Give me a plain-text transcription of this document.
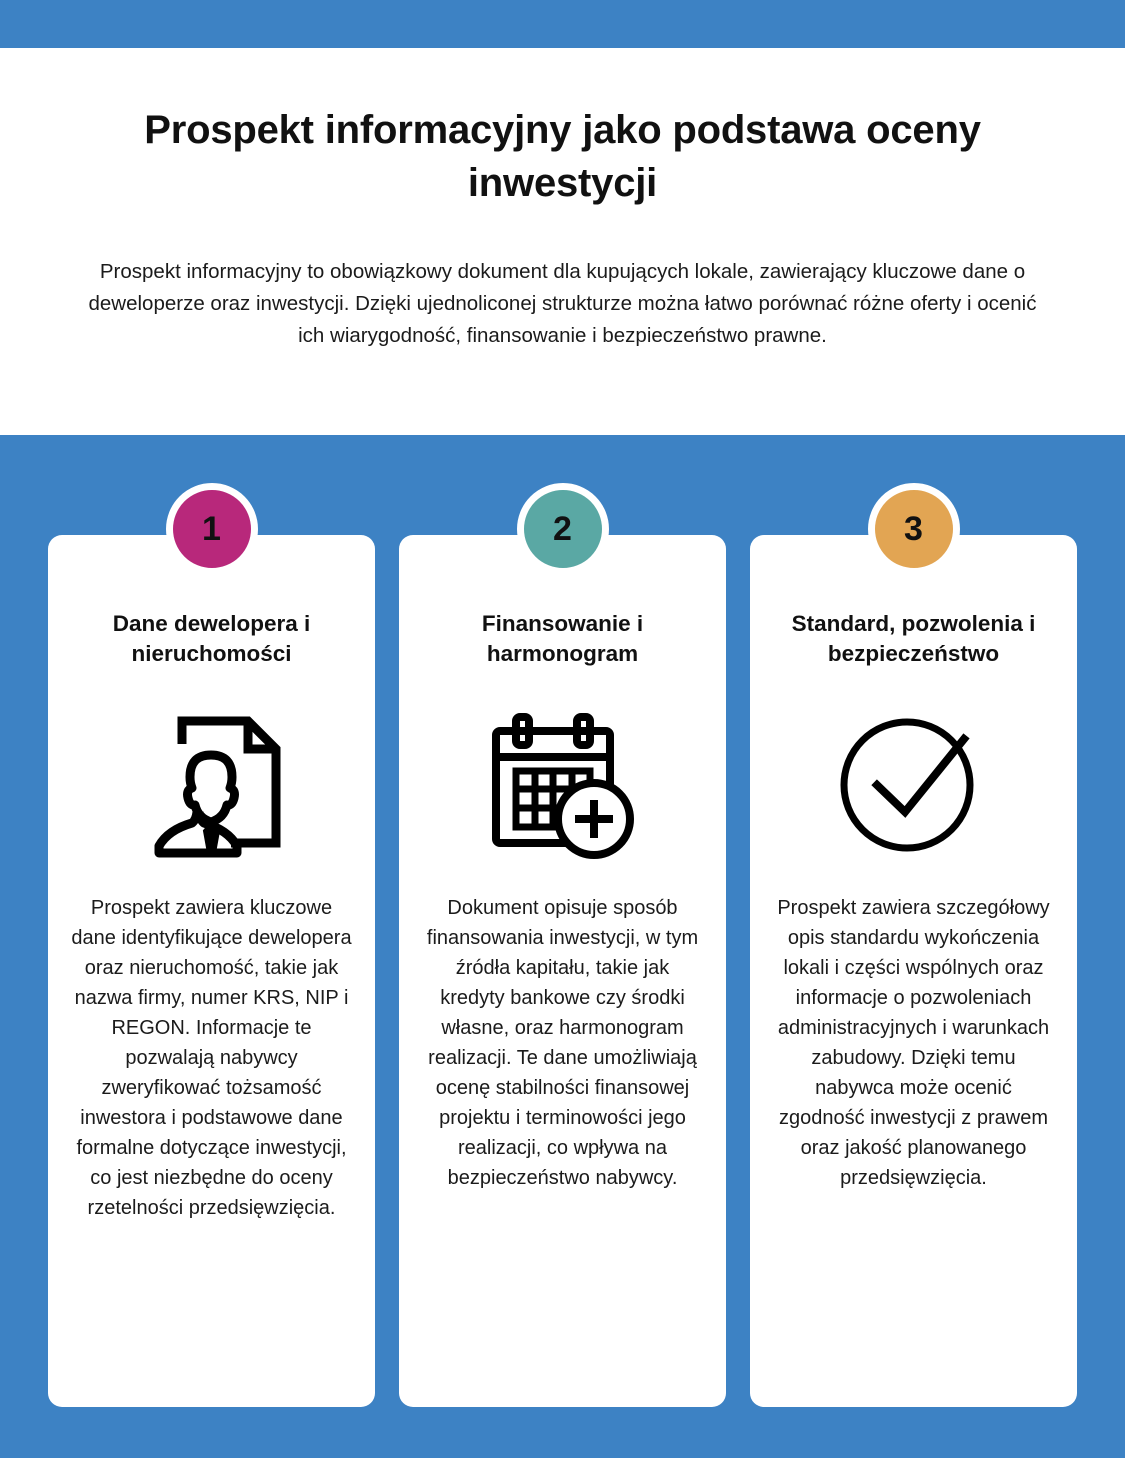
Prospekt informacyjny jako podstawa oceny inwestycji

Prospekt informacyjny to obowiązkowy dokument dla kupujących lokale, zawierający kluczowe dane o deweloperze oraz inwestycji. Dzięki ujednoliconej strukturze można łatwo porównać różne oferty i ocenić ich wiarygodność, finansowanie i bezpieczeństwo prawne.

1
Dane dewelopera i nieruchomości
Prospekt zawiera kluczowe dane identyfikujące dewelopera oraz nieruchomość, takie jak nazwa firmy, numer KRS, NIP i REGON. Informacje te pozwalają nabywcy zweryfikować tożsamość inwestora i podstawowe dane formalne dotyczące inwestycji, co jest niezbędne do oceny rzetelności przedsięwzięcia.
2
Finansowanie i harmonogram
Dokument opisuje sposób finansowania inwestycji, w tym źródła kapitału, takie jak kredyty bankowe czy środki własne, oraz harmonogram realizacji. Te dane umożliwiają ocenę stabilności finansowej projektu i terminowości jego realizacji, co wpływa na bezpieczeństwo nabywcy.
3
Standard, pozwolenia i bezpieczeństwo
Prospekt zawiera szczegółowy opis standardu wykończenia lokali i części wspólnych oraz informacje o pozwoleniach administracyjnych i warunkach zabudowy. Dzięki temu nabywca może ocenić zgodność inwestycji z prawem oraz jakość planowanego przedsięwzięcia.
